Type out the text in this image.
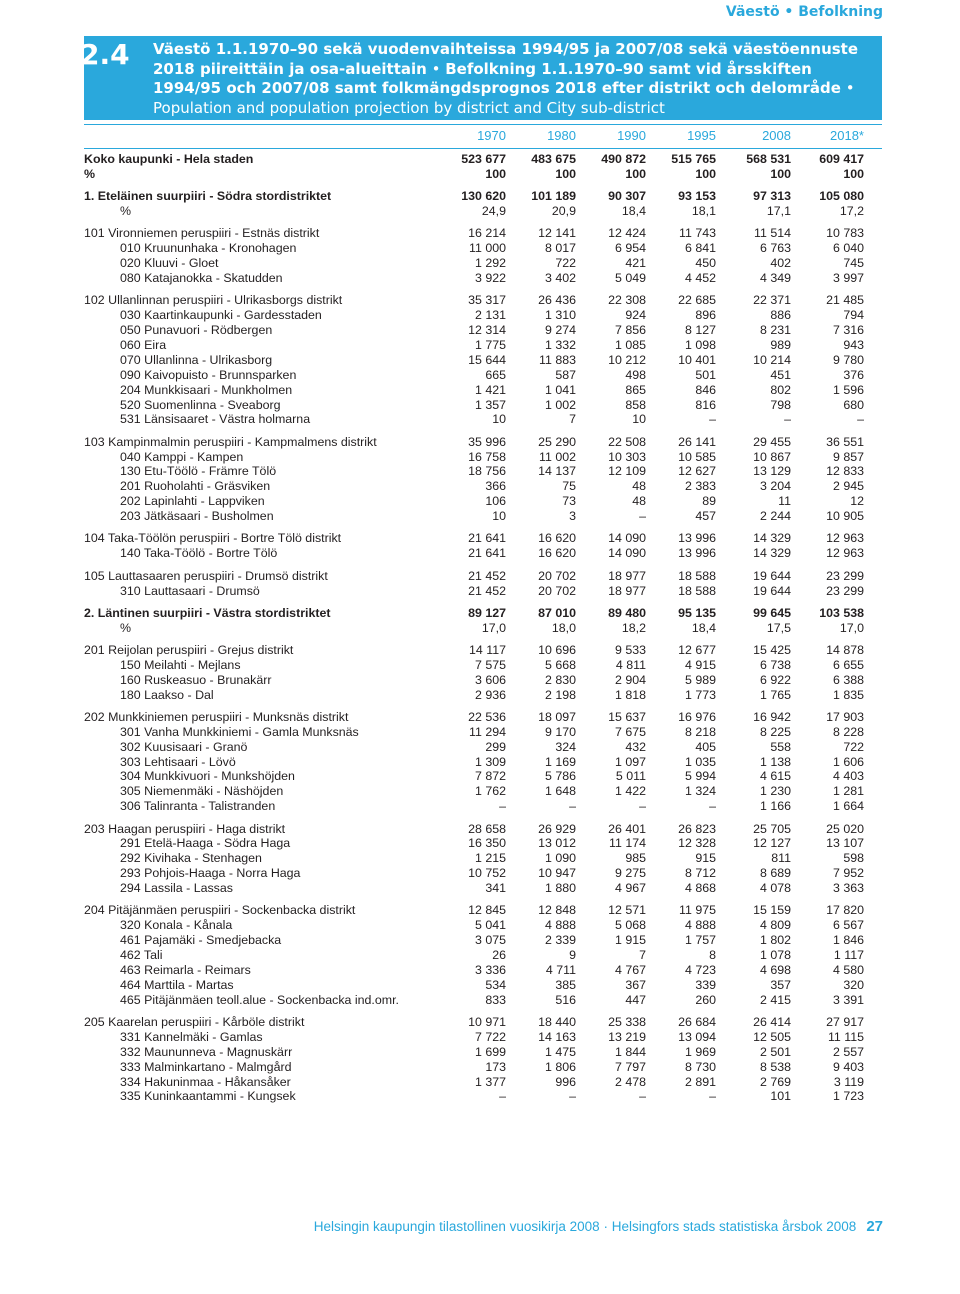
Väestö • Befolkning
2.4 Väestö 1.1.1970–90 sekä vuodenvaihteissa 1994/95 ja 2007/08 sekä väestöennuste 2018 piireittäin ja osa-alueittain • Befolkning 1.1.1970–90 samt vid årsskiften 1994/95 och 2007/08 samt folkmängdsprognos 2018 efter distrikt och delområde • Population and population projection by district and City sub-district
1970	1980	1990	1995	2008	2018*
Koko kaupunki - Hela staden	523 677	483 675	490 872	515 765	568 531	609 417
%	100	100	100	100	100	100
1. Eteläinen suurpiiri - Södra stordistriktet	130 620	101 189	90 307	93 153	97 313	105 080
%	24,9	20,9	18,4	18,1	17,1	17,2
101 Vironniemen peruspiiri - Estnäs distrikt	16 214	12 141	12 424	11 743	11 514	10 783
010 Kruununhaka - Kronohagen	11 000	8 017	6 954	6 841	6 763	6 040
020 Kluuvi - Gloet	1 292	722	421	450	402	745
080 Katajanokka - Skatudden	3 922	3 402	5 049	4 452	4 349	3 997
102 Ullanlinnan peruspiiri - Ulrikasborgs distrikt	35 317	26 436	22 308	22 685	22 371	21 485
030 Kaartinkaupunki - Gardesstaden	2 131	1 310	924	896	886	794
050 Punavuori - Rödbergen	12 314	9 274	7 856	8 127	8 231	7 316
060 Eira	1 775	1 332	1 085	1 098	989	943
070 Ullanlinna - Ulrikasborg	15 644	11 883	10 212	10 401	10 214	9 780
090 Kaivopuisto - Brunnsparken	665	587	498	501	451	376
204 Munkkisaari - Munkholmen	1 421	1 041	865	846	802	1 596
520 Suomenlinna - Sveaborg	1 357	1 002	858	816	798	680
531 Länsisaaret - Västra holmarna	10	7	10	–	–	–
103 Kampinmalmin peruspiiri - Kampmalmens distrikt	35 996	25 290	22 508	26 141	29 455	36 551
040 Kamppi - Kampen	16 758	11 002	10 303	10 585	10 867	9 857
130 Etu-Töölö - Främre Tölö	18 756	14 137	12 109	12 627	13 129	12 833
201 Ruoholahti - Gräsviken	366	75	48	2 383	3 204	2 945
202 Lapinlahti - Lappviken	106	73	48	89	11	12
203 Jätkäsaari - Busholmen	10	3	–	457	2 244	10 905
104 Taka-Töölön peruspiiri - Bortre Tölö distrikt	21 641	16 620	14 090	13 996	14 329	12 963
140 Taka-Töölö - Bortre Tölö	21 641	16 620	14 090	13 996	14 329	12 963
105 Lauttasaaren peruspiiri - Drumsö distrikt	21 452	20 702	18 977	18 588	19 644	23 299
310 Lauttasaari - Drumsö	21 452	20 702	18 977	18 588	19 644	23 299
2. Läntinen suurpiiri - Västra stordistriktet	89 127	87 010	89 480	95 135	99 645	103 538
%	17,0	18,0	18,2	18,4	17,5	17,0
201 Reijolan peruspiiri - Grejus distrikt	14 117	10 696	9 533	12 677	15 425	14 878
150 Meilahti - Mejlans	7 575	5 668	4 811	4 915	6 738	6 655
160 Ruskeasuo - Brunakärr	3 606	2 830	2 904	5 989	6 922	6 388
180 Laakso - Dal	2 936	2 198	1 818	1 773	1 765	1 835
202 Munkkiniemen peruspiiri - Munksnäs distrikt	22 536	18 097	15 637	16 976	16 942	17 903
301 Vanha Munkkiniemi - Gamla Munksnäs	11 294	9 170	7 675	8 218	8 225	8 228
302 Kuusisaari - Granö	299	324	432	405	558	722
303 Lehtisaari - Lövö	1 309	1 169	1 097	1 035	1 138	1 606
304 Munkkivuori - Munkshöjden	7 872	5 786	5 011	5 994	4 615	4 403
305 Niemenmäki - Näshöjden	1 762	1 648	1 422	1 324	1 230	1 281
306 Talinranta - Talistranden	–	–	–	–	1 166	1 664
203 Haagan peruspiiri - Haga distrikt	28 658	26 929	26 401	26 823	25 705	25 020
291 Etelä-Haaga - Södra Haga	16 350	13 012	11 174	12 328	12 127	13 107
292 Kivihaka - Stenhagen	1 215	1 090	985	915	811	598
293 Pohjois-Haaga - Norra Haga	10 752	10 947	9 275	8 712	8 689	7 952
294 Lassila - Lassas	341	1 880	4 967	4 868	4 078	3 363
204 Pitäjänmäen peruspiiri - Sockenbacka distrikt	12 845	12 848	12 571	11 975	15 159	17 820
320 Konala - Kånala	5 041	4 888	5 068	4 888	4 809	6 567
461 Pajamäki - Smedjebacka	3 075	2 339	1 915	1 757	1 802	1 846
462 Tali	26	9	7	8	1 078	1 117
463 Reimarla - Reimars	3 336	4 711	4 767	4 723	4 698	4 580
464 Marttila - Martas	534	385	367	339	357	320
465 Pitäjänmäen teoll.alue - Sockenbacka ind.omr.	833	516	447	260	2 415	3 391
205 Kaarelan peruspiiri - Kårböle distrikt	10 971	18 440	25 338	26 684	26 414	27 917
331 Kannelmäki - Gamlas	7 722	14 163	13 219	13 094	12 505	11 115
332 Maununneva - Magnuskärr	1 699	1 475	1 844	1 969	2 501	2 557
333 Malminkartano - Malmgård	173	1 806	7 797	8 730	8 538	9 403
334 Hakuninmaa - Håkansåker	1 377	996	2 478	2 891	2 769	3 119
335 Kuninkaantammi - Kungsek	–	–	–	–	101	1 723
Helsingin kaupungin tilastollinen vuosikirja 2008 · Helsingfors stads statistiska årsbok 2008 27
